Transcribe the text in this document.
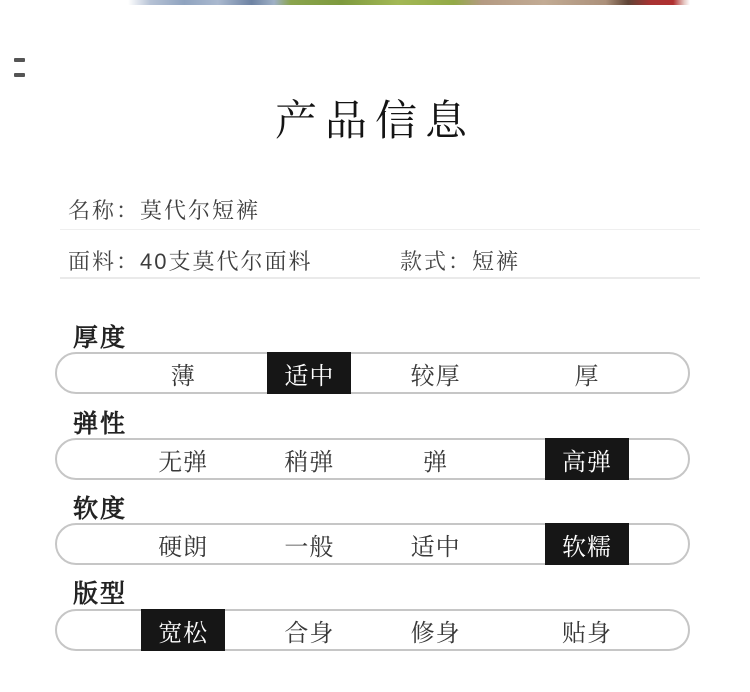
产品信息
名称：莫代尔短裤
面料：40支莫代尔面料	款式：短裤
厚度
薄	适中	较厚	厚
弹性
无弹	稍弹	弹	高弹
软度
硬朗	一般	适中	软糯
版型
宽松	合身	修身	贴身
